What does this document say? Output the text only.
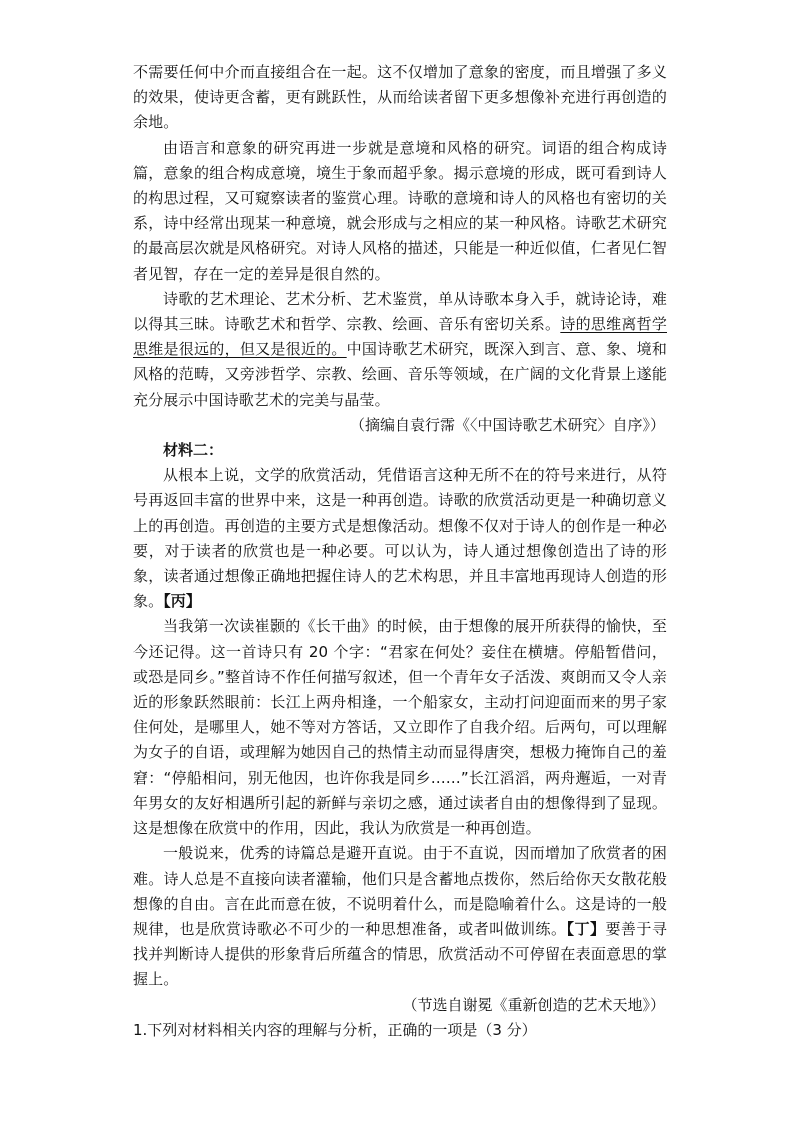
不需要任何中介而直接组合在一起。这不仅增加了意象的密度，而且增强了多义的效果，使诗更含蓄，更有跳跃性，从而给读者留下更多想像补充进行再创造的余地。

由语言和意象的研究再进一步就是意境和风格的研究。词语的组合构成诗篇，意象的组合构成意境，境生于象而超乎象。揭示意境的形成，既可看到诗人的构思过程，又可窥察读者的鉴赏心理。诗歌的意境和诗人的风格也有密切的关系，诗中经常出现某一种意境，就会形成与之相应的某一种风格。诗歌艺术研究的最高层次就是风格研究。对诗人风格的描述，只能是一种近似值，仁者见仁智者见智，存在一定的差异是很自然的。

诗歌的艺术理论、艺术分析、艺术鉴赏，单从诗歌本身入手，就诗论诗，难以得其三昧。诗歌艺术和哲学、宗教、绘画、音乐有密切关系。诗的思维离哲学思维是很远的，但又是很近的。中国诗歌艺术研究，既深入到言、意、象、境和风格的范畴，又旁涉哲学、宗教、绘画、音乐等领域，在广阔的文化背景上遂能充分展示中国诗歌艺术的完美与晶莹。

（摘编自袁行霈《〈中国诗歌艺术研究〉自序》）

材料二：

从根本上说，文学的欣赏活动，凭借语言这种无所不在的符号来进行，从符号再返回丰富的世界中来，这是一种再创造。诗歌的欣赏活动更是一种确切意义上的再创造。再创造的主要方式是想像活动。想像不仅对于诗人的创作是一种必要，对于读者的欣赏也是一种必要。可以认为，诗人通过想像创造出了诗的形象，读者通过想像正确地把握住诗人的艺术构思，并且丰富地再现诗人创造的形象。【丙】

当我第一次读崔颢的《长干曲》的时候，由于想像的展开所获得的愉快，至今还记得。这一首诗只有 20 个字：“君家在何处？妾住在横塘。停船暂借问，或恐是同乡。”整首诗不作任何描写叙述，但一个青年女子活泼、爽朗而又令人亲近的形象跃然眼前：长江上两舟相逢，一个船家女，主动打问迎面而来的男子家住何处，是哪里人，她不等对方答话，又立即作了自我介绍。后两句，可以理解为女子的自语，或理解为她因自己的热情主动而显得唐突，想极力掩饰自己的羞窘：“停船相问，别无他因，也许你我是同乡……”长江滔滔，两舟邂逅，一对青年男女的友好相遇所引起的新鲜与亲切之感，通过读者自由的想像得到了显现。这是想像在欣赏中的作用，因此，我认为欣赏是一种再创造。

一般说来，优秀的诗篇总是避开直说。由于不直说，因而增加了欣赏者的困难。诗人总是不直接向读者灌输，他们只是含蓄地点拨你，然后给你天女散花般想像的自由。言在此而意在彼，不说明着什么，而是隐喻着什么。这是诗的一般规律，也是欣赏诗歌必不可少的一种思想准备，或者叫做训练。【丁】要善于寻找并判断诗人提供的形象背后所蕴含的情思，欣赏活动不可停留在表面意思的掌握上。

（节选自谢冕《重新创造的艺术天地》）

1.下列对材料相关内容的理解与分析，正确的一项是（3 分）
